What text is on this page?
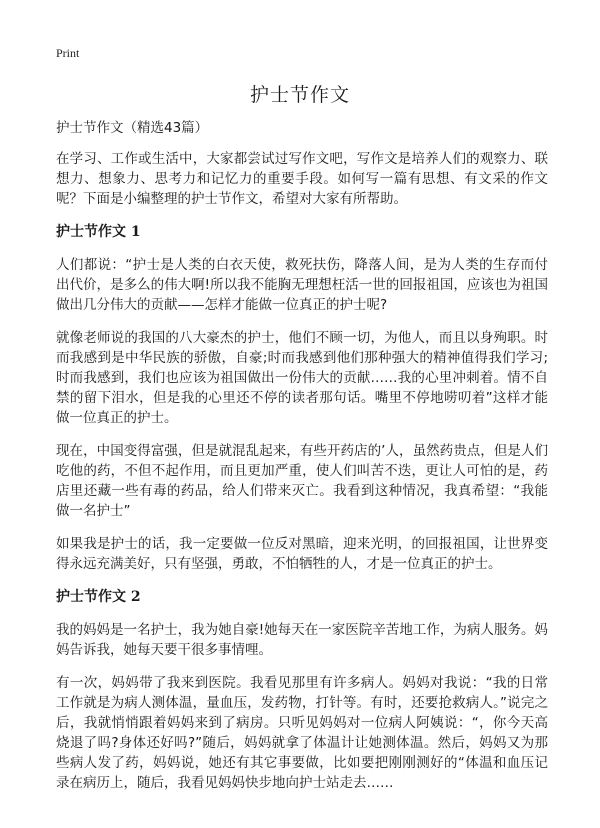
Print
护士节作文
护士节作文（精选43篇）

在学习、工作或生活中，大家都尝试过写作文吧，写作文是培养人们的观察力、联想力、想象力、思考力和记忆力的重要手段。如何写一篇有思想、有文采的作文呢？下面是小编整理的护士节作文，希望对大家有所帮助。

护士节作文 1

人们都说：“护士是人类的白衣天使，救死扶伤，降落人间，是为人类的生存而付出代价，是多么的伟大啊!所以我不能胸无理想枉活一世的回报祖国，应该也为祖国做出几分伟大的贡献——怎样才能做一位真正的护士呢?

就像老师说的我国的八大豪杰的护士，他们不顾一切，为他人，而且以身殉职。时而我感到是中华民族的骄傲，自豪;时而我感到他们那种强大的精神值得我们学习;时而我感到，我们也应该为祖国做出一份伟大的贡献……我的心里冲刺着。情不自禁的留下泪水，但是我的心里还不停的读者那句话。嘴里不停地唠叨着”这样才能做一位真正的护士。

现在，中国变得富强，但是就混乱起来，有些开药店的’人，虽然药贵点，但是人们吃他的药，不但不起作用，而且更加严重，使人们叫苦不迭，更让人可怕的是，药店里还藏一些有毒的药品，给人们带来灭亡。我看到这种情况，我真希望：“我能做一名护士”

如果我是护士的话，我一定要做一位反对黑暗，迎来光明，的回报祖国，让世界变得永远充满美好，只有坚强，勇敢，不怕牺牲的人，才是一位真正的护士。

护士节作文 2

我的妈妈是一名护士，我为她自豪!她每天在一家医院辛苦地工作，为病人服务。妈妈告诉我，她每天要干很多事情哩。

有一次，妈妈带了我来到医院。我看见那里有许多病人。妈妈对我说：“我的日常工作就是为病人测体温，量血压，发药物，打针等。有时，还要抢救病人。”说完之后，我就悄悄跟着妈妈来到了病房。只听见妈妈对一位病人阿姨说：“，你今天高烧退了吗?身体还好吗?”随后，妈妈就拿了体温计让她测体温。然后，妈妈又为那些病人发了药，妈妈说，她还有其它事要做，比如要把刚刚测好的“体温和血压记录在病历上，随后，我看见妈妈快步地向护士站走去……
